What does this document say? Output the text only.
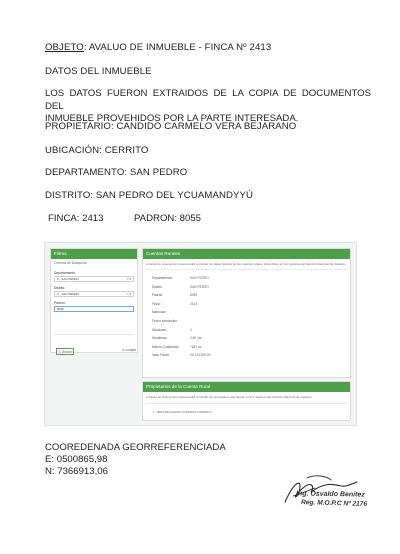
OBJETO: AVALUO DE INMUEBLE - FINCA Nº 2413
DATOS DEL INMUEBLE
LOS DATOS FUERON EXTRAIDOS DE LA COPIA DE DOCUMENTOS DEL
INMUEBLE PROVEHIDOS POR LA PARTE INTERESADA.
PROPIETARIO: CANDIDO CARMELO VERA BEJARANO
UBICACIÓN: CERRITO
DEPARTAMENTO: SAN PEDRO
DISTRITO: SAN PEDRO DEL YCUAMANDYYÚ
FINCA: 2413	PADRON: 8055
Filtros
Criterios de Búsqueda
Departamento:
3 - SAN PEDRO	× ▾
Distrito:
3 - SAN PEDRO	× ▾
Padrón:
8055
🔍 Buscar	⟲ Limpiar
Cuentas Rurales
A través de esta sección usted podrá consultar los datos básicos de las cuentas rurales, disponibles en los registros del Servicio Nacional de Catastro.
Departamento:	SAN PEDRO
Distrito:	SAN PEDRO
Padrón:	8055
Finca:	2413
Matrícula:
Fecha Inscripción:
Ubicación:	4
Hectáreas:	2,60 Ha.
Metros Cuadrados:	7662 m²
Valor Fiscal:	36.133.099,09
Propietarios de la Cuenta Rural
A través de esta sección usted podrá consultar los propietarios que figuran en los registros del Servicio Nacional de Catastro.
1. VERA BEJARANO CANDIDO CARMELO
COOREDENADA GEORREFERENCIADA
E: 0500865,98
N: 7366913,06
Ing. Osvaldo Benitez
Reg. M.O.P.C Nº 2176
